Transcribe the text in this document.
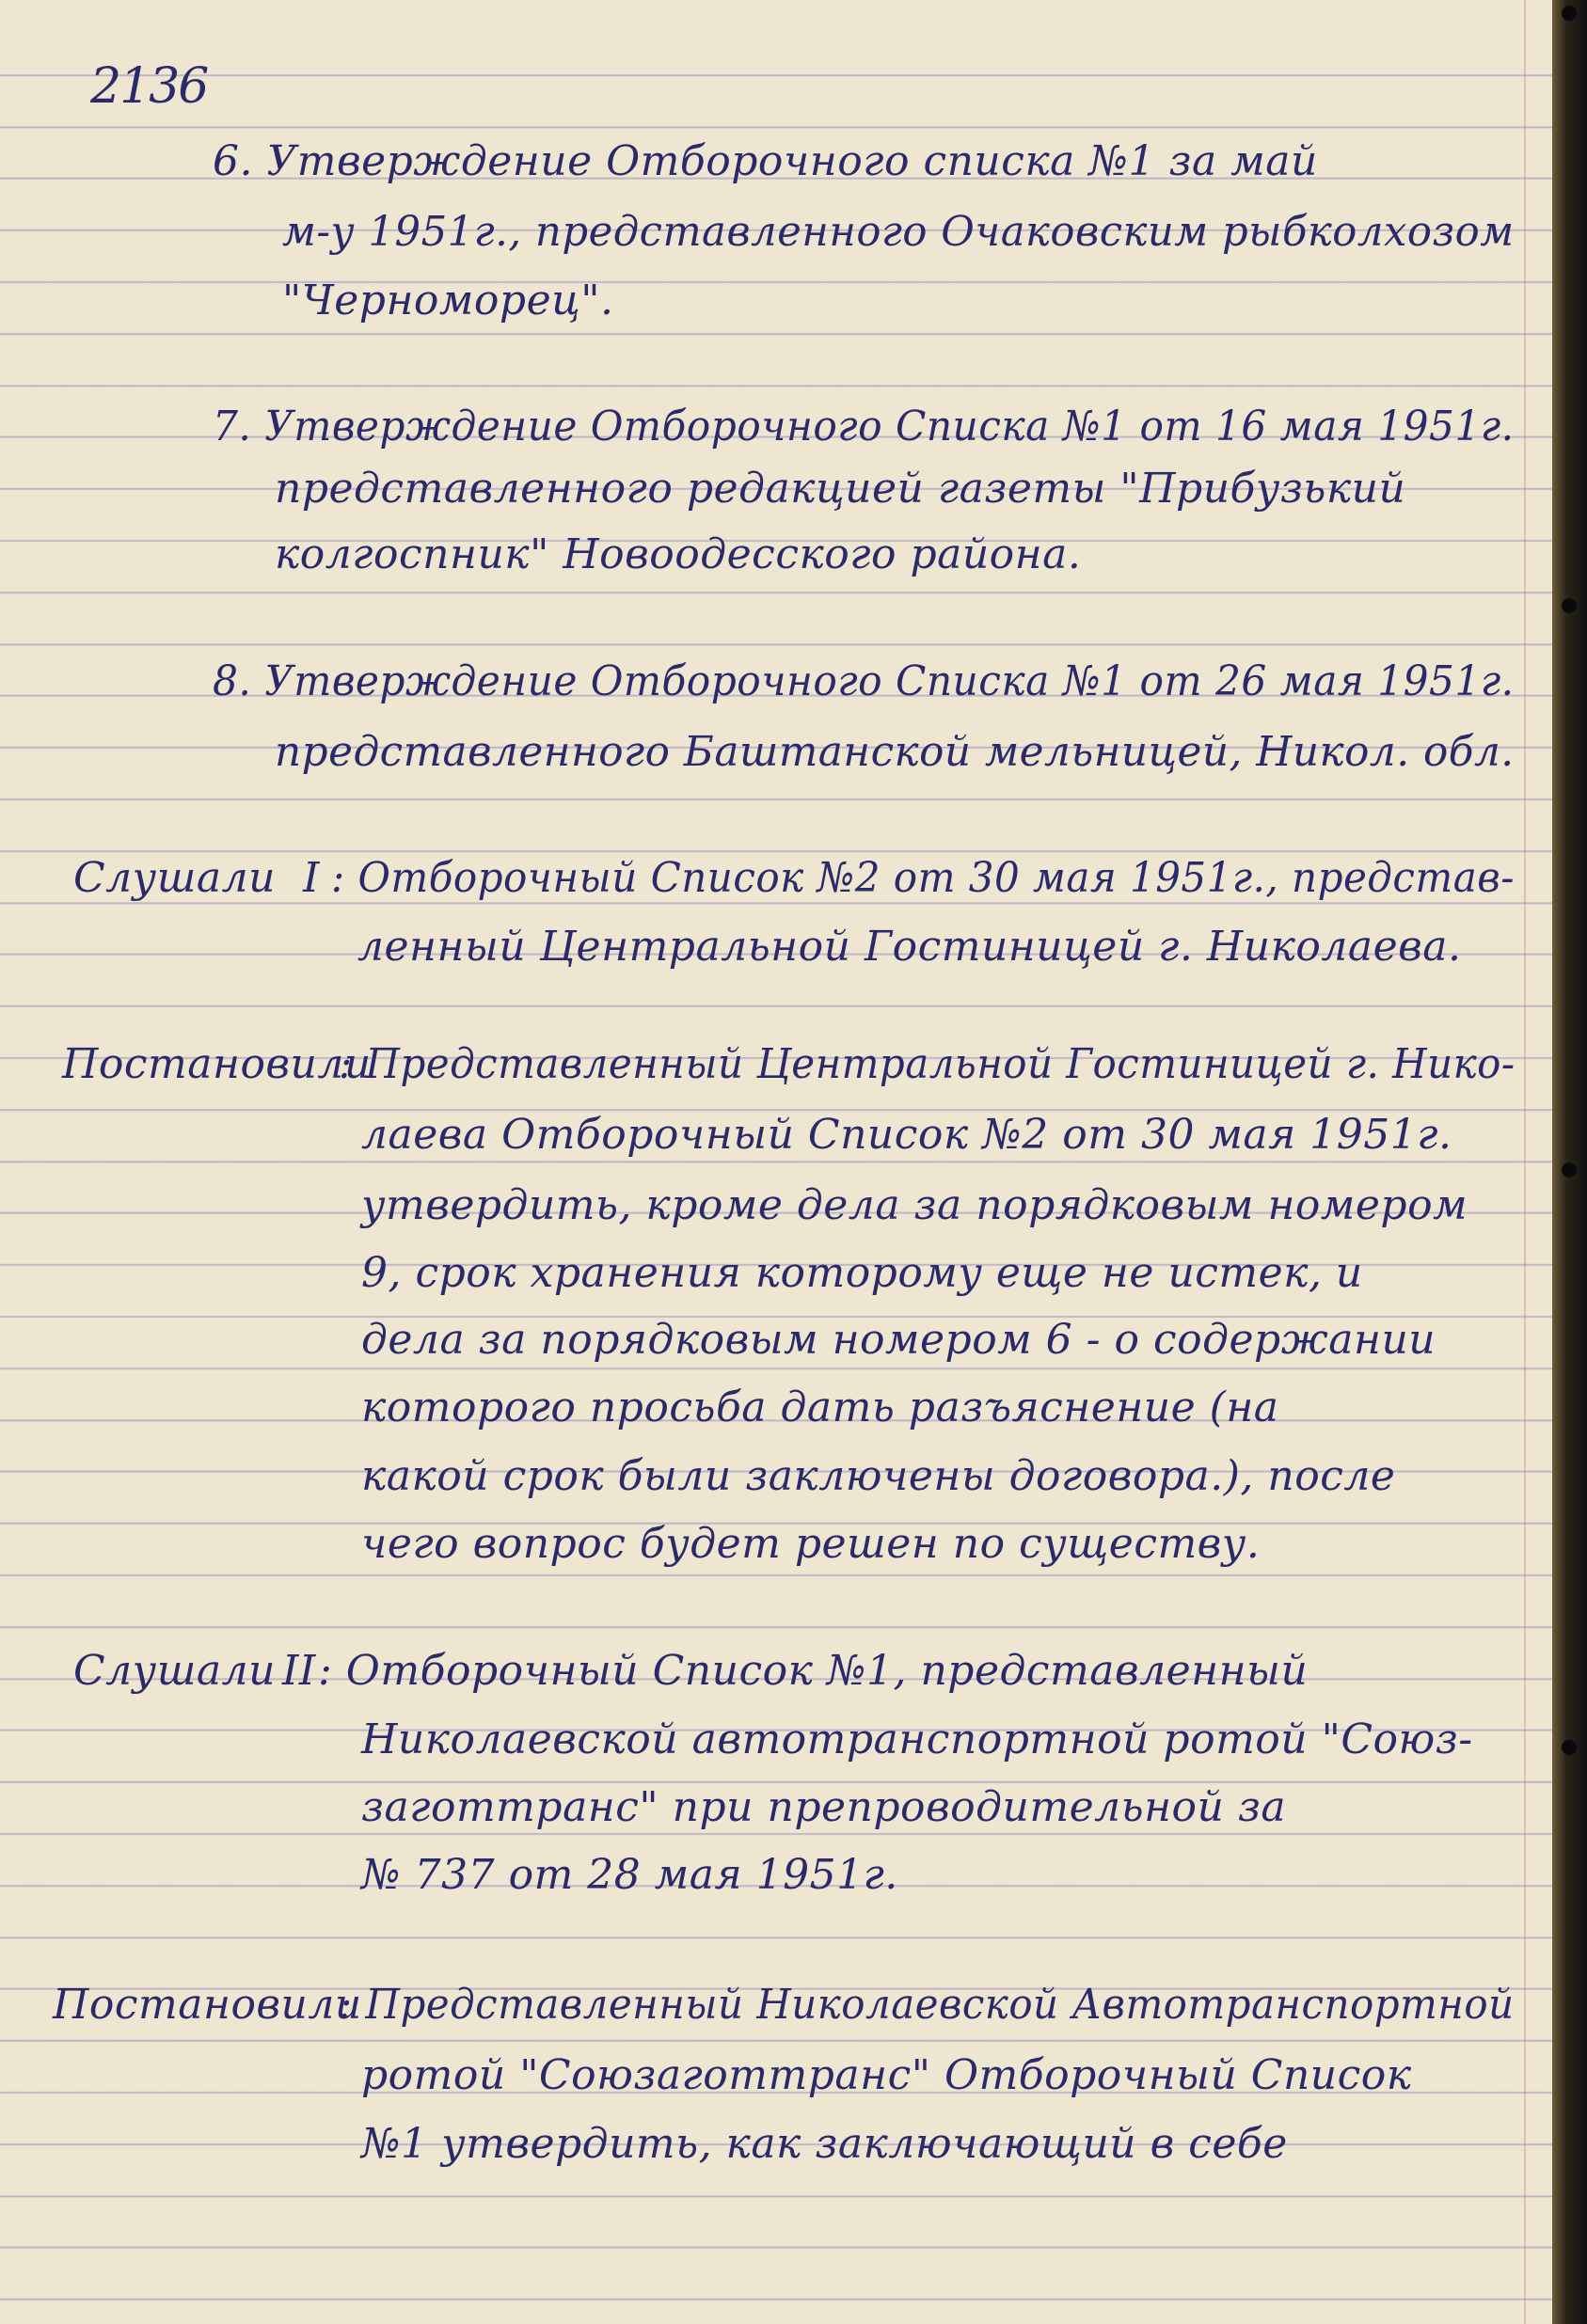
2136
6. Утверждение Отборочного списка №1 за май
м-у 1951г., представленного Очаковским рыбколхозом
"Черноморец".
7. Утверждение Отборочного Списка №1 от 16 мая 1951г.
представленного редакцией газеты "Прибузький
колгоспник" Новоодесского района.
8. Утверждение Отборочного Списка №1 от 26 мая 1951г.
представленного Баштанской мельницей, Никол. обл.
Слушали I : Отборочный Список №2 от 30 мая 1951г., представ-
ленный Центральной Гостиницей г. Николаева.
Постановили
: Представленный Центральной Гостиницей г. Нико-
лаева Отборочный Список №2 от 30 мая 1951г.
утвердить, кроме дела за порядковым номером
9, срок хранения которому еще не истек, и
дела за порядковым номером 6 - о содержании
которого просьба дать разъяснение (на
какой срок были заключены договора.), после
чего вопрос будет решен по существу.
Слушали II : Отборочный Список №1, представленный
Николаевской автотранспортной ротой "Союз-
заготтранс" при препроводительной за
№ 737 от 28 мая 1951г.
Постановили
: Представленный Николаевской Автотранспортной
ротой "Союзаготтранс" Отборочный Список
№1 утвердить, как заключающий в себе
